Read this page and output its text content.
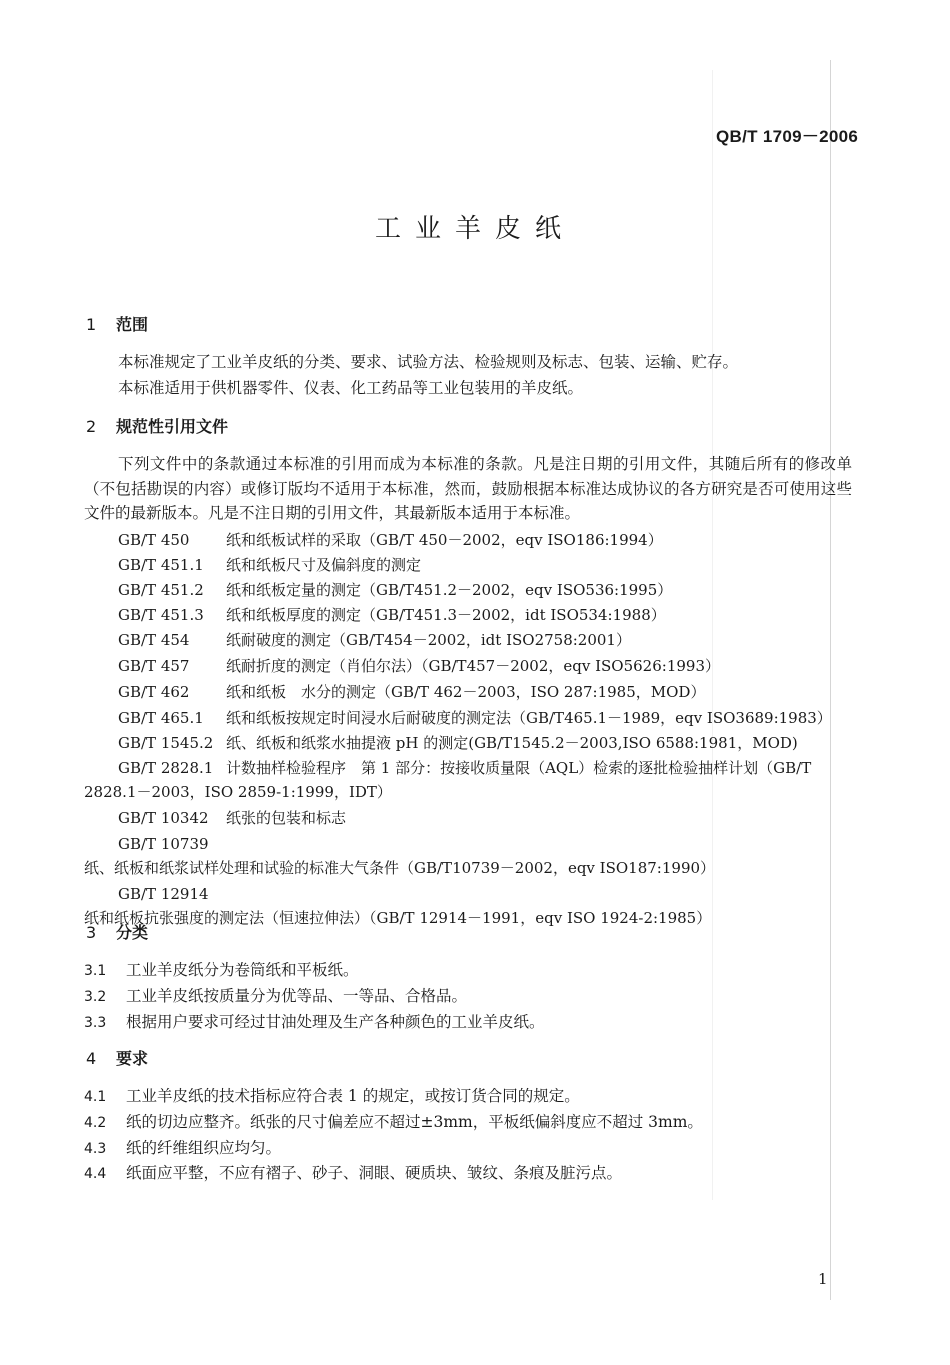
QB/T 1709－2006
工业羊皮纸
1 范围
本标准规定了工业羊皮纸的分类、要求、试验方法、检验规则及标志、包装、运输、贮存。
本标准适用于供机器零件、仪表、化工药品等工业包装用的羊皮纸。
2 规范性引用文件
下列文件中的条款通过本标准的引用而成为本标准的条款。凡是注日期的引用文件，其随后所有的修改单（不包括勘误的内容）或修订版均不适用于本标准，然而，鼓励根据本标准达成协议的各方研究是否可使用这些文件的最新版本。凡是不注日期的引用文件，其最新版本适用于本标准。
GB/T 450 纸和纸板试样的采取（GB/T 450－2002，eqv ISO186:1994）
GB/T 451.1 纸和纸板尺寸及偏斜度的测定
GB/T 451.2 纸和纸板定量的测定（GB/T451.2－2002，eqv ISO536:1995）
GB/T 451.3 纸和纸板厚度的测定（GB/T451.3－2002，idt ISO534:1988）
GB/T 454 纸耐破度的测定（GB/T454－2002，idt ISO2758:2001）
GB/T 457 纸耐折度的测定（肖伯尔法）（GB/T457－2002，eqv ISO5626:1993）
GB/T 462 纸和纸板　水分的测定（GB/T 462－2003，ISO 287:1985，MOD）
GB/T 465.1 纸和纸板按规定时间浸水后耐破度的测定法（GB/T465.1－1989，eqv ISO3689:1983）
GB/T 1545.2 纸、纸板和纸浆水抽提液 pH 的测定(GB/T1545.2－2003,ISO 6588:1981，MOD)
GB/T 2828.1 计数抽样检验程序　第 1 部分：按接收质量限（AQL）检索的逐批检验抽样计划（GB/T 2828.1－2003，ISO 2859-1:1999，IDT）
GB/T 10342 纸张的包装和标志
GB/T 10739纸、纸板和纸浆试样处理和试验的标准大气条件（GB/T10739－2002，eqv ISO187:1990）
GB/T 12914纸和纸板抗张强度的测定法（恒速拉伸法）（GB/T 12914－1991，eqv ISO 1924-2:1985）
3 分类
3.1 工业羊皮纸分为卷筒纸和平板纸。
3.2 工业羊皮纸按质量分为优等品、一等品、合格品。
3.3 根据用户要求可经过甘油处理及生产各种颜色的工业羊皮纸。
4 要求
4.1 工业羊皮纸的技术指标应符合表 1 的规定，或按订货合同的规定。
4.2 纸的切边应整齐。纸张的尺寸偏差应不超过±3mm，平板纸偏斜度应不超过 3mm。
4.3 纸的纤维组织应均匀。
4.4 纸面应平整，不应有褶子、砂子、洞眼、硬质块、皱纹、条痕及脏污点。
1
